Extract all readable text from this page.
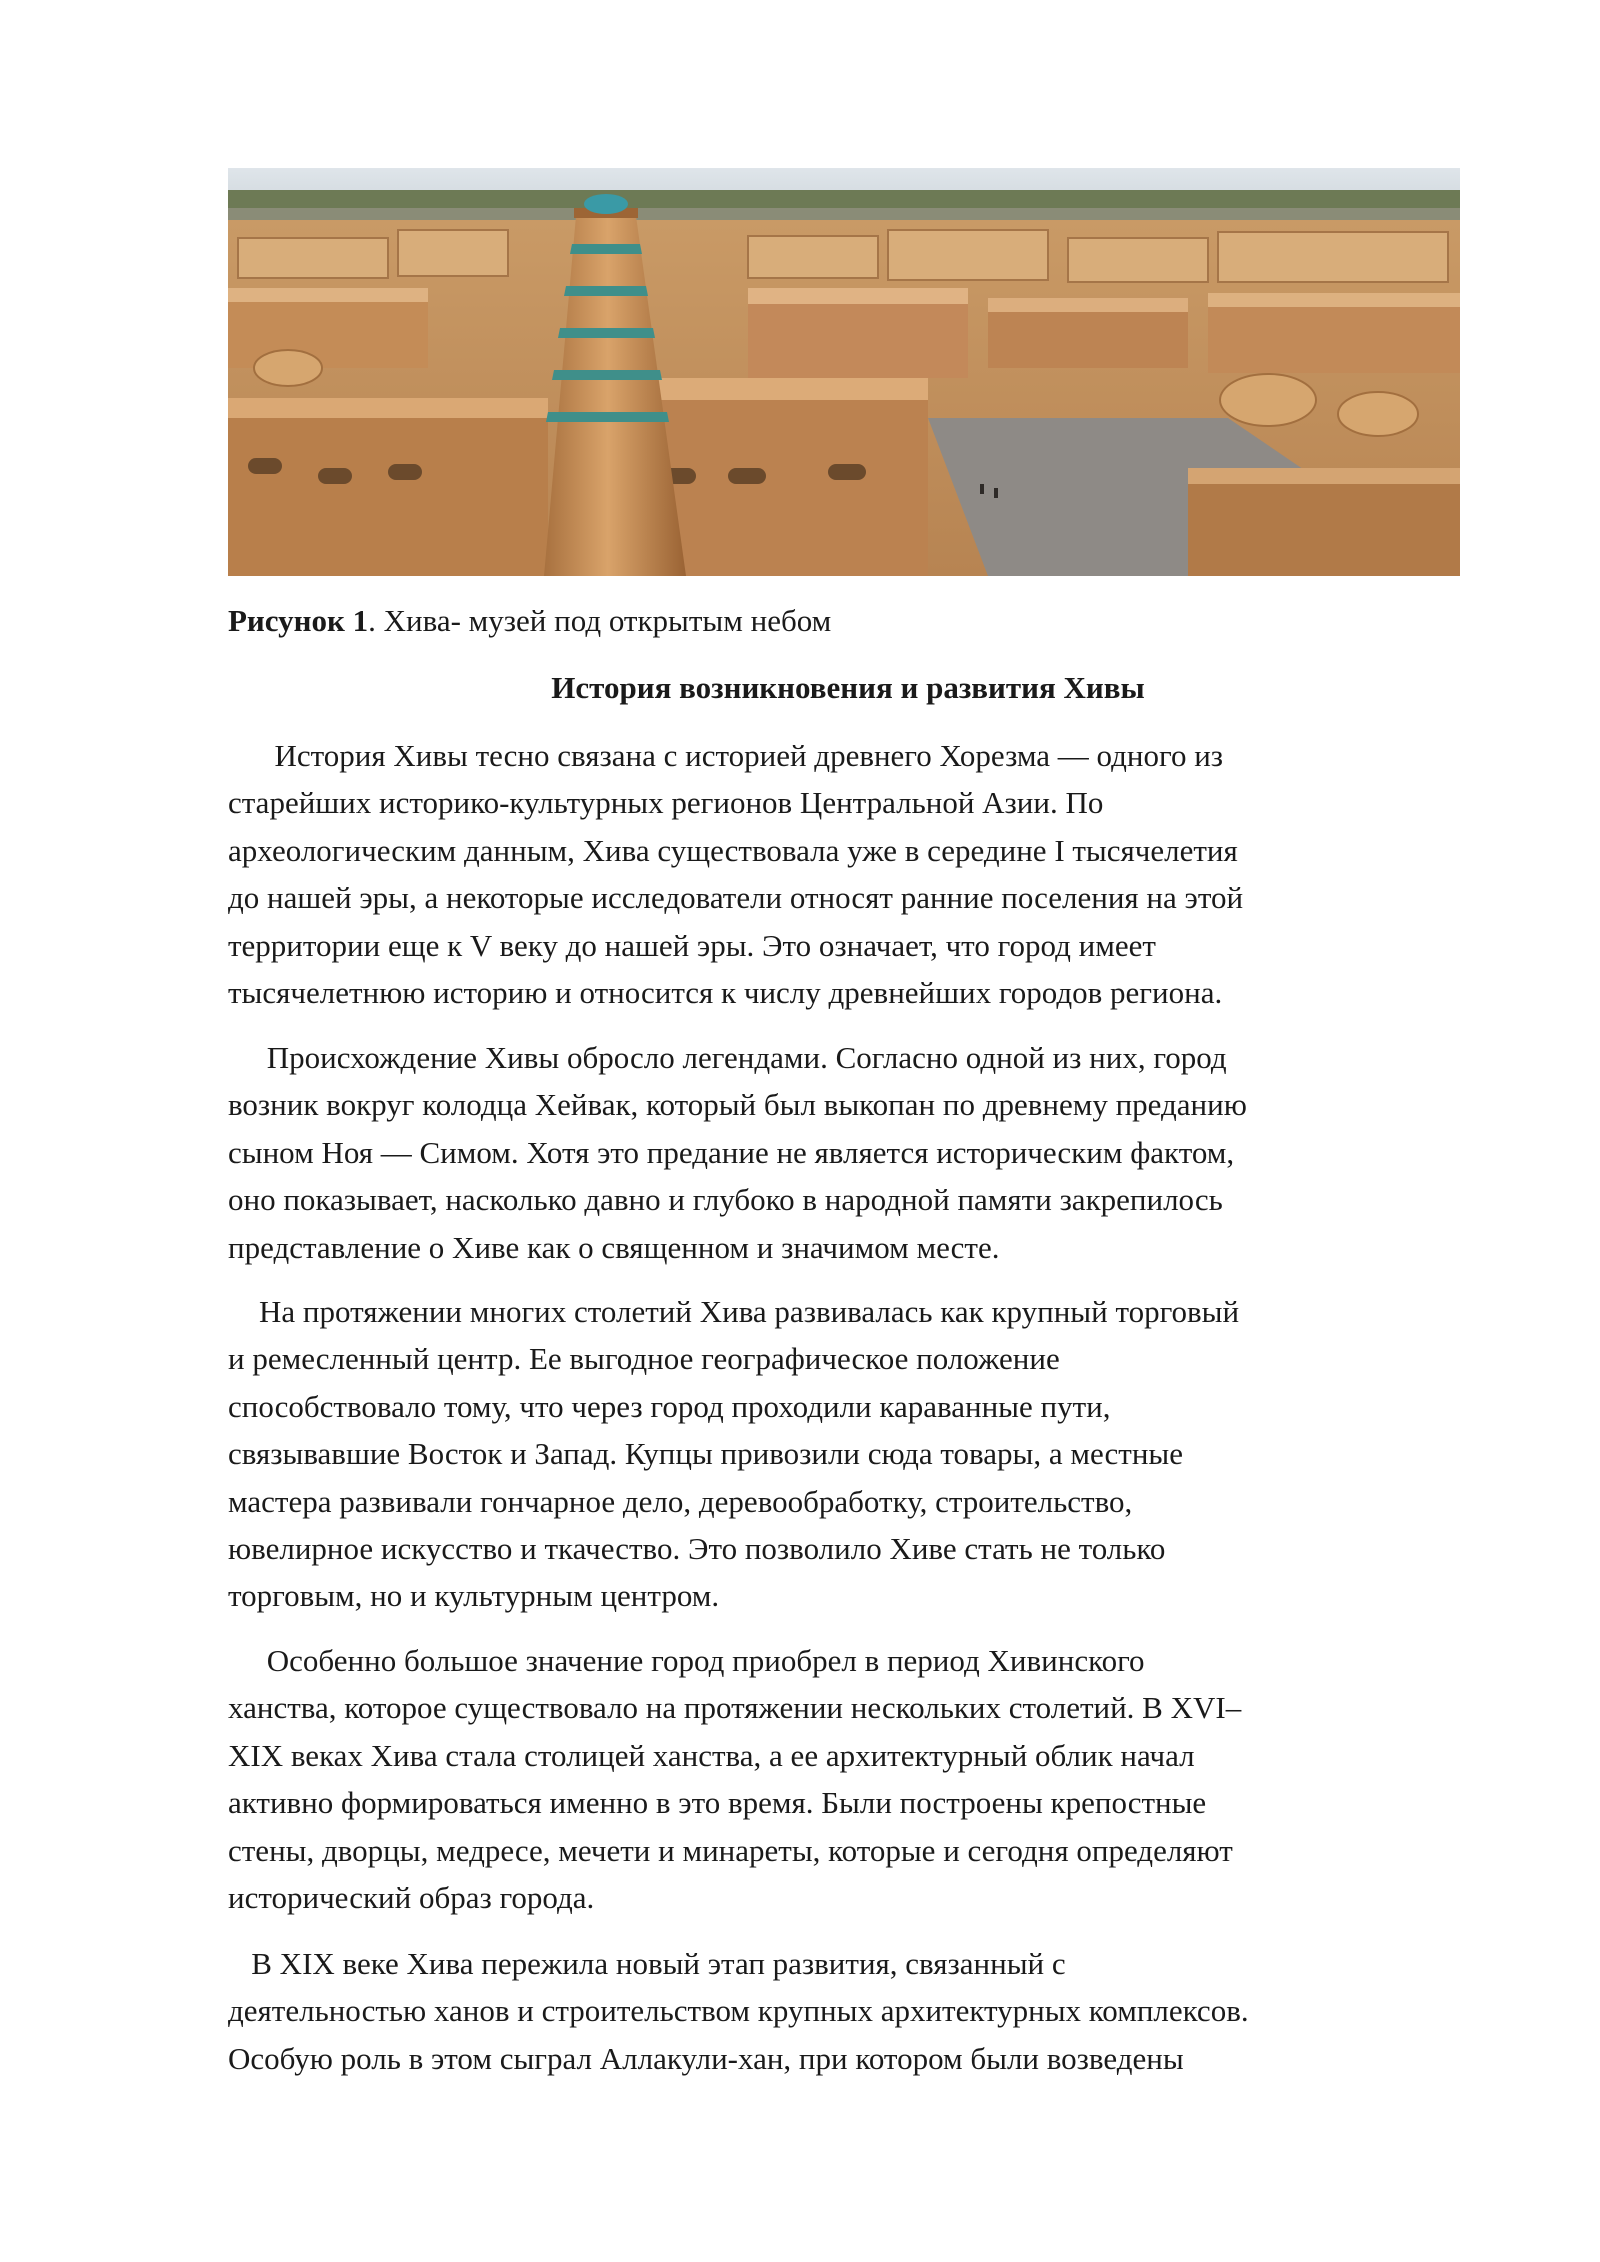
Рисунок 1. Хива- музей под открытым небом
История возникновения и развития Хивы
История Хивы тесно связана с историей древнего Хорезма — одного из
старейших историко-культурных регионов Центральной Азии. По
археологическим данным, Хива существовала уже в середине I тысячелетия
до нашей эры, а некоторые исследователи относят ранние поселения на этой
территории еще к V веку до нашей эры. Это означает, что город имеет
тысячелетнюю историю и относится к числу древнейших городов региона.
Происхождение Хивы обросло легендами. Согласно одной из них, город
возник вокруг колодца Хейвак, который был выкопан по древнему преданию
сыном Ноя — Симом. Хотя это предание не является историческим фактом,
оно показывает, насколько давно и глубоко в народной памяти закрепилось
представление о Хиве как о священном и значимом месте.
На протяжении многих столетий Хива развивалась как крупный торговый
и ремесленный центр. Ее выгодное географическое положение
способствовало тому, что через город проходили караванные пути,
связывавшие Восток и Запад. Купцы привозили сюда товары, а местные
мастера развивали гончарное дело, деревообработку, строительство,
ювелирное искусство и ткачество. Это позволило Хиве стать не только
торговым, но и культурным центром.
Особенно большое значение город приобрел в период Хивинского
ханства, которое существовало на протяжении нескольких столетий. В XVI–
XIX веках Хива стала столицей ханства, а ее архитектурный облик начал
активно формироваться именно в это время. Были построены крепостные
стены, дворцы, медресе, мечети и минареты, которые и сегодня определяют
исторический образ города.
В XIX веке Хива пережила новый этап развития, связанный с
деятельностью ханов и строительством крупных архитектурных комплексов.
Особую роль в этом сыграл Аллакули-хан, при котором были возведены
